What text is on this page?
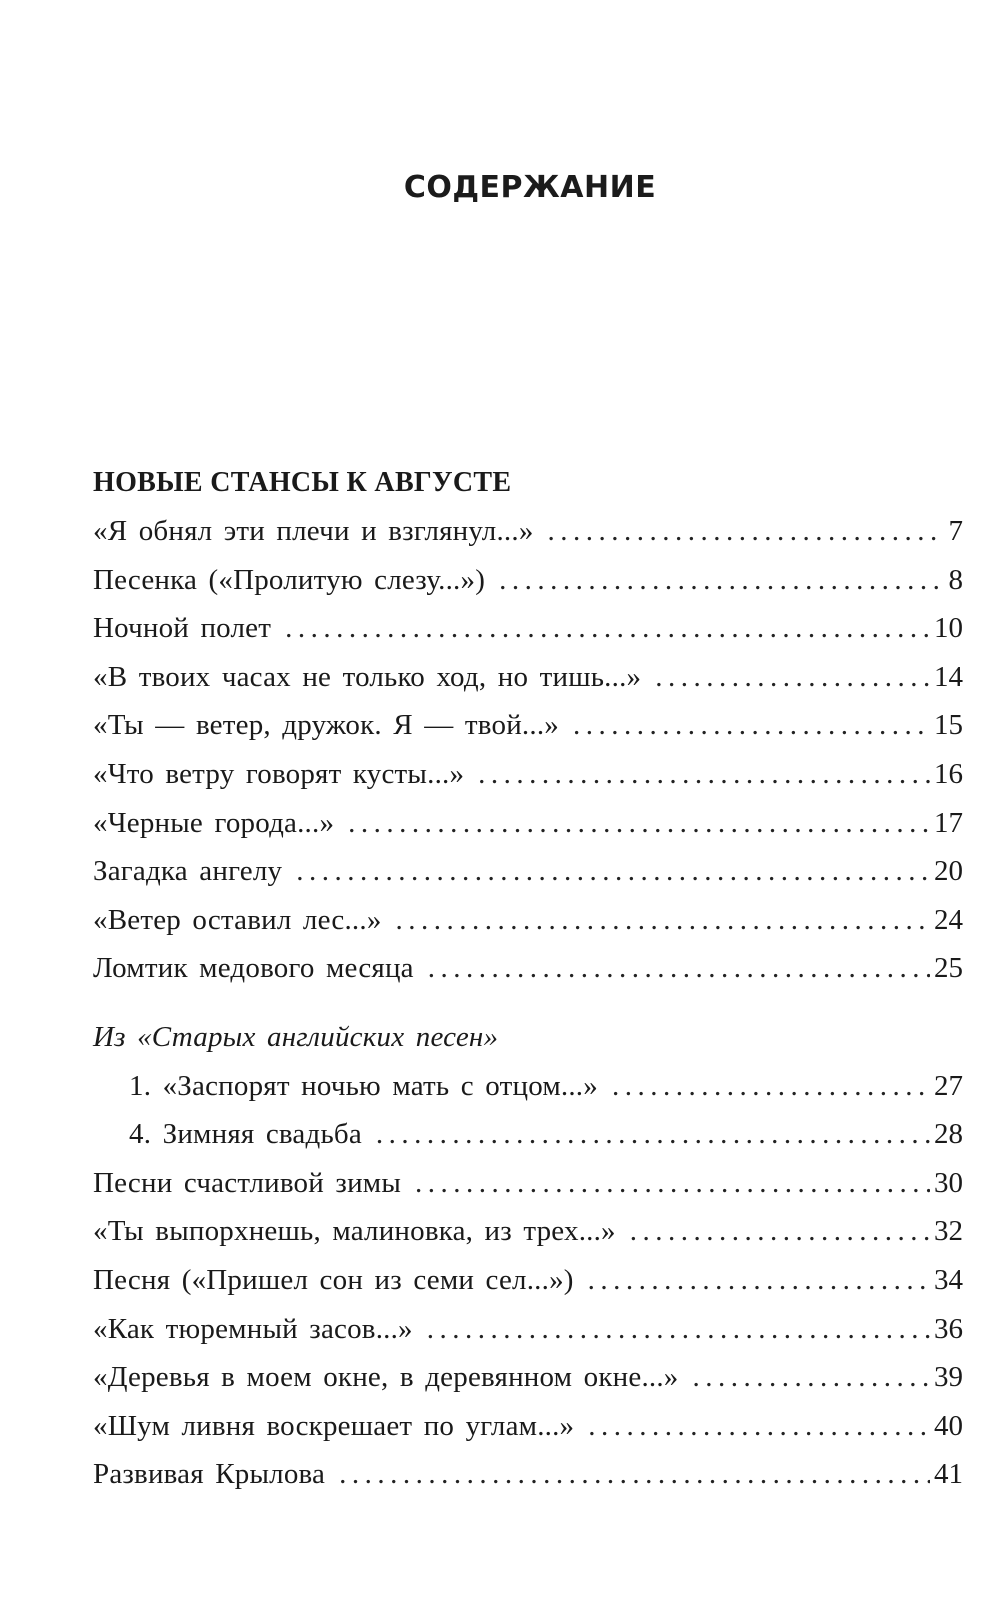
СОДЕРЖАНИЕ
НОВЫЕ СТАНСЫ К АВГУСТЕ
«Я обнял эти плечи и взглянул...» .....	7
Песенка («Пролитую слезу...») .....	8
Ночной полет .....	10
«В твоих часах не только ход, но тишь...» .....	14
«Ты — ветер, дружок. Я — твой...» .....	15
«Что ветру говорят кусты...» .....	16
«Черные города...» .....	17
Загадка ангелу .....	20
«Ветер оставил лес...» .....	24
Ломтик медового месяца .....	25
Из «Старых английских песен»
1. «Заспорят ночью мать с отцом...» .....	27
4. Зимняя свадьба .....	28
Песни счастливой зимы .....	30
«Ты выпорхнешь, малиновка, из трех...» .....	32
Песня («Пришел сон из семи сел...») .....	34
«Как тюремный засов...» .....	36
«Деревья в моем окне, в деревянном окне...» .....	39
«Шум ливня воскрешает по углам...» .....	40
Развивая Крылова .....	41
